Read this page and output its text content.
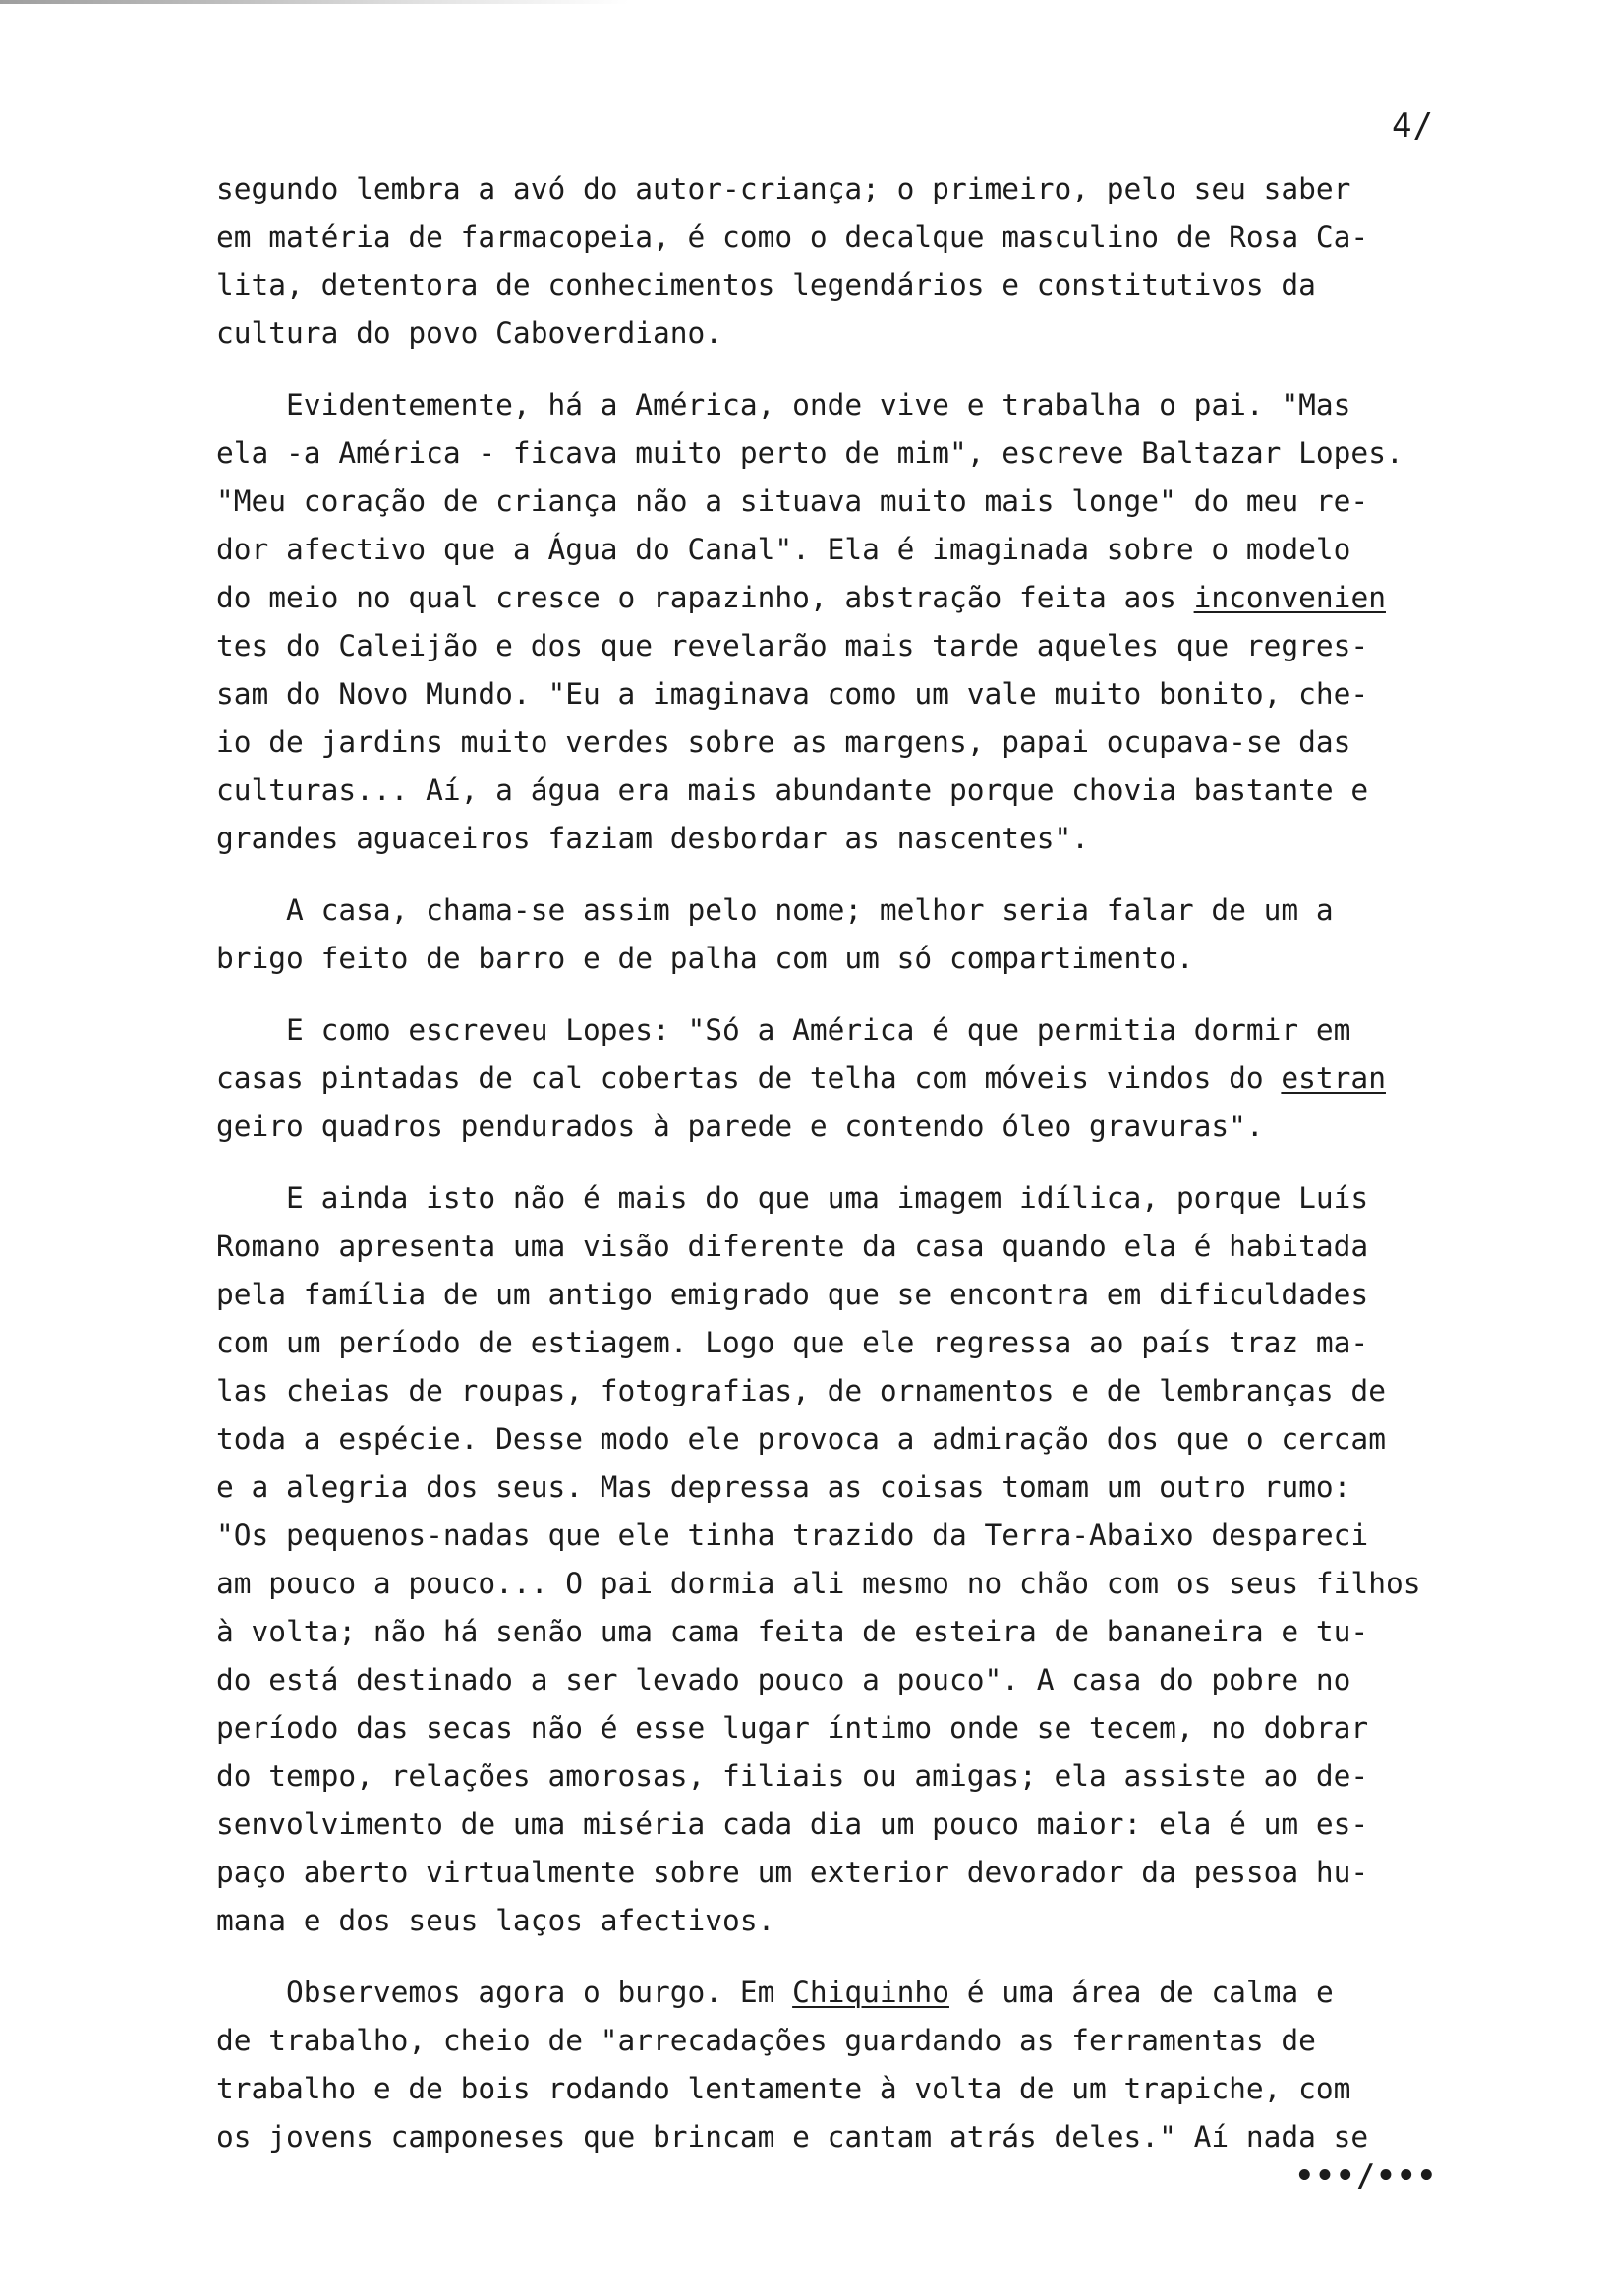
4/
segundo lembra a avó do autor-criança; o primeiro, pelo seu saber
em matéria de farmacopeia, é como o decalque masculino de Rosa Ca-
lita, detentora de conhecimentos legendários e constitutivos da
cultura do povo Caboverdiano.
Evidentemente, há a América, onde vive e trabalha o pai. "Mas
ela -a América - ficava muito perto de mim", escreve Baltazar Lopes.
"Meu coração de criança não a situava muito mais longe" do meu re-
dor afectivo que a Água do Canal". Ela é imaginada sobre o modelo
do meio no qual cresce o rapazinho, abstração feita aos inconvenien
tes do Caleijão e dos que revelarão mais tarde aqueles que regres-
sam do Novo Mundo. "Eu a imaginava como um vale muito bonito, che-
io de jardins muito verdes sobre as margens, papai ocupava-se das
culturas... Aí, a água era mais abundante porque chovia bastante e
grandes aguaceiros faziam desbordar as nascentes".
A casa, chama-se assim pelo nome; melhor seria falar de um a
brigo feito de barro e de palha com um só compartimento.
E como escreveu Lopes: "Só a América é que permitia dormir em
casas pintadas de cal cobertas de telha com móveis vindos do estran
geiro quadros pendurados à parede e contendo óleo gravuras".
E ainda isto não é mais do que uma imagem idílica, porque Luís
Romano apresenta uma visão diferente da casa quando ela é habitada
pela família de um antigo emigrado que se encontra em dificuldades
com um período de estiagem. Logo que ele regressa ao país traz ma-
las cheias de roupas, fotografias, de ornamentos e de lembranças de
toda a espécie. Desse modo ele provoca a admiração dos que o cercam
e a alegria dos seus. Mas depressa as coisas tomam um outro rumo:
"Os pequenos-nadas que ele tinha trazido da Terra-Abaixo despareci
am pouco a pouco... O pai dormia ali mesmo no chão com os seus filhos
à volta; não há senão uma cama feita de esteira de bananeira e tu-
do está destinado a ser levado pouco a pouco". A casa do pobre no
período das secas não é esse lugar íntimo onde se tecem, no dobrar
do tempo, relações amorosas, filiais ou amigas; ela assiste ao de-
senvolvimento de uma miséria cada dia um pouco maior: ela é um es-
paço aberto virtualmente sobre um exterior devorador da pessoa hu-
mana e dos seus laços afectivos.
Observemos agora o burgo. Em Chiquinho é uma área de calma e
de trabalho, cheio de "arrecadações guardando as ferramentas de
trabalho e de bois rodando lentamente à volta de um trapiche, com
os jovens camponeses que brincam e cantam atrás deles." Aí nada se
•••/•••
